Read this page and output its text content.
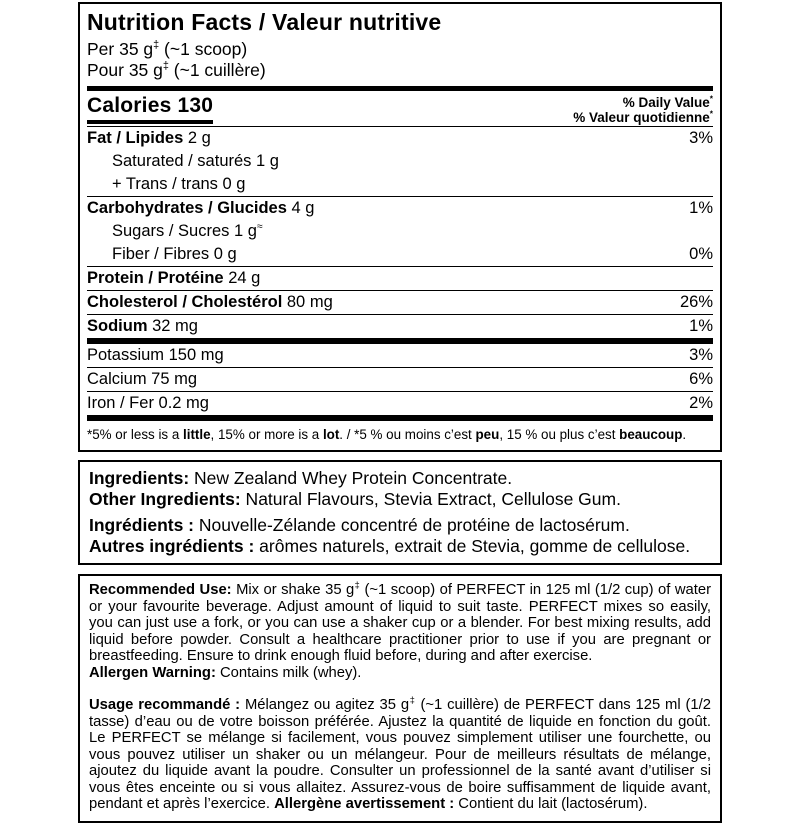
Nutrition Facts / Valeur nutritive
Per 35 g‡ (~1 scoop)
Pour 35 g‡ (~1 cuillère)
Calories 130	% Daily Value*
% Valeur quotidienne*
Fat / Lipides 2 g	3%
Saturated / saturés 1 g
+ Trans / trans 0 g
Carbohydrates / Glucides 4 g	1%
Sugars / Sucres 1 g≈
Fiber / Fibres 0 g	0%
Protein / Protéine 24 g
Cholesterol / Cholestérol 80 mg	26%
Sodium 32 mg	1%
Potassium 150 mg	3%
Calcium 75 mg	6%
Iron / Fer 0.2 mg	2%
*5% or less is a little, 15% or more is a lot. / *5 % ou moins c’est peu, 15 % ou plus c’est beaucoup.
Ingredients: New Zealand Whey Protein Concentrate.
Other Ingredients: Natural Flavours, Stevia Extract, Cellulose Gum.
Ingrédients : Nouvelle-Zélande concentré de protéine de lactosérum.
Autres ingrédients : arômes naturels, extrait de Stevia, gomme de cellulose.

Recommended Use: Mix or shake 35 g‡ (~1 scoop) of PERFECT in 125 ml (1/2 cup) of water or your favourite beverage. Adjust amount of liquid to suit taste. PERFECT mixes so easily, you can just use a fork, or you can use a shaker cup or a blender. For best mixing results, add liquid before powder. Consult a healthcare practitioner prior to use if you are pregnant or breastfeeding. Ensure to drink enough fluid before, during and after exercise.

Allergen Warning: Contains milk (whey).

Usage recommandé : Mélangez ou agitez 35 g‡ (~1 cuillère) de PERFECT dans 125 ml (1/2 tasse) d’eau ou de votre boisson préférée. Ajustez la quantité de liquide en fonction du goût. Le PERFECT se mélange si facilement, vous pouvez simplement utiliser une fourchette, ou vous pouvez utiliser un shaker ou un mélangeur. Pour de meilleurs résultats de mélange, ajoutez du liquide avant la poudre. Consulter un professionnel de la santé avant d’utiliser si vous êtes enceinte ou si vous allaitez. Assurez-vous de boire suffisamment de liquide avant, pendant et après l’exercice. Allergène avertissement : Contient du lait (lactosérum).
